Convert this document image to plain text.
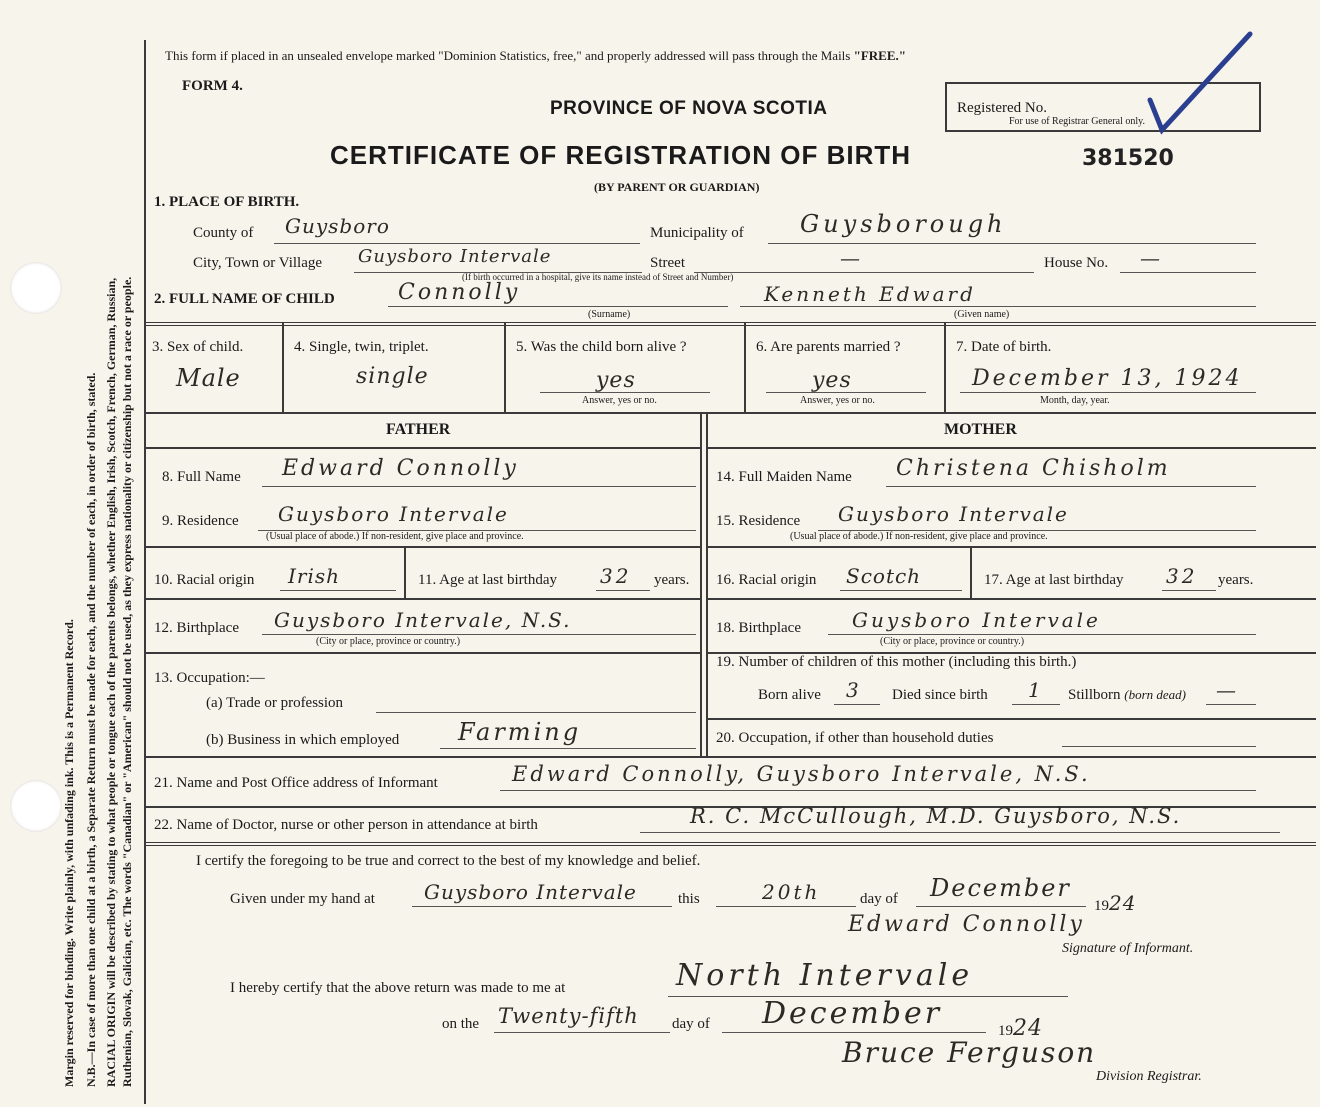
Margin reserved for binding. Write plainly, with unfading ink. This is a Permanent Record. N.B.—In case of more than one child at a birth, a Separate Return must be made for each, and the number of each, in order of birth, stated. RACIAL ORIGIN will be described by stating to what people or tongue each of the parents belongs, whether English, Irish, Scotch, French, German, Russian, Ruthenian, Slovak, Galician, etc. The words "Canadian" or "American" should not be used, as they express nationality or citizenship but not a race or people.
This form if placed in an unsealed envelope marked "Dominion Statistics, free," and properly addressed will pass through the Mails "FREE."
FORM 4.
PROVINCE OF NOVA SCOTIA
CERTIFICATE OF REGISTRATION OF BIRTH
(BY PARENT OR GUARDIAN)
Registered No.
For use of Registrar General only.
381520
1. PLACE OF BIRTH.
County of Guysboro	Municipality of Guysborough
City, Town or Village Guysboro Intervale
(If birth occurred in a hospital, give its name instead of Street and Number)
Street	—	House No. —
2. FULL NAME OF CHILD	Connolly
(Surname)
Kenneth Edward
(Given name)
3. Sex of child.
Male
4. Single, twin, triplet.
single
5. Was the child born alive ?
yes
Answer, yes or no.
6. Are parents married ?
yes
Answer, yes or no.
7. Date of birth.
December 13, 1924
Month, day, year.
FATHER	MOTHER
8. Full Name Edward Connolly
9. Residence Guysboro Intervale
(Usual place of abode.) If non-resident, give place and province.
10. Racial origin Irish	11. Age at last birthday 32 years.
12. Birthplace Guysboro Intervale, N.S.
(City or place, province or country.)
13. Occupation:—
(a) Trade or profession
(b) Business in which employed Farming
14. Full Maiden Name Christena Chisholm
15. Residence Guysboro Intervale
(Usual place of abode.) If non-resident, give place and province.
16. Racial origin Scotch	17. Age at last birthday 32 years.
18. Birthplace	Guysboro Intervale
(City or place, province or country.)
19. Number of children of this mother (including this birth.)
Born alive 3 Died since birth 1 Stillborn (born dead) —
20. Occupation, if other than household duties
21. Name and Post Office address of Informant	Edward Connolly, Guysboro Intervale, N.S.
22. Name of Doctor, nurse or other person in attendance at birth	R. C. McCullough, M.D. Guysboro, N.S.
I certify the foregoing to be true and correct to the best of my knowledge and belief.
Given under my hand at Guysboro Intervale	this	20th	day of December
1924
Edward Connolly
Signature of Informant.
I hereby certify that the above return was made to me at	North Intervale
on the Twenty-fifth day of December	1924
Bruce Ferguson
Division Registrar.
